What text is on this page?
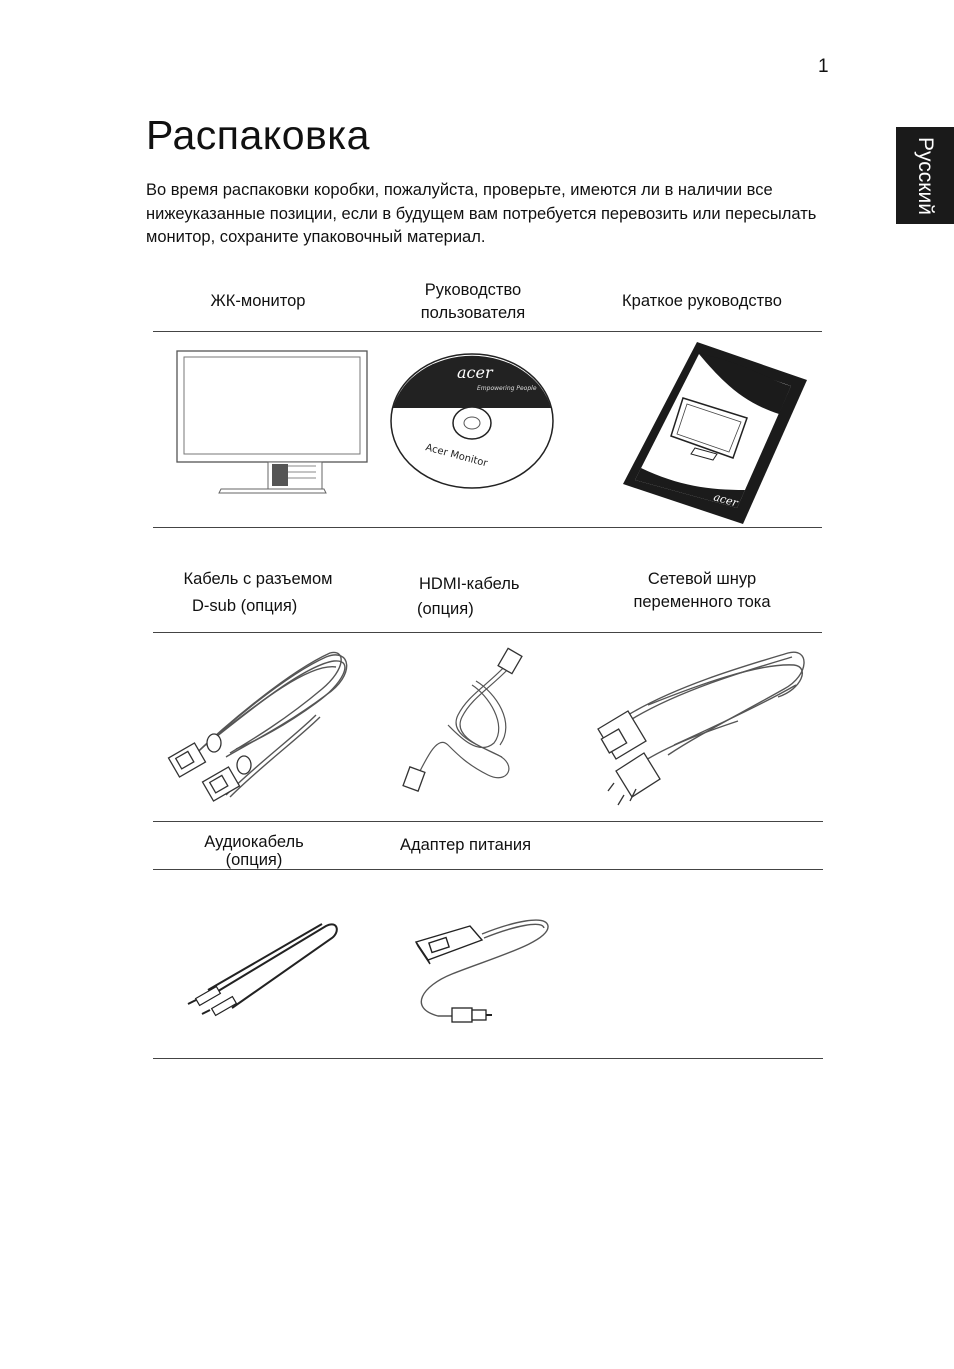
1
Русский
Распаковка

Во время распаковки коробки, пожалуйста, проверьте, имеются ли в наличии все нижеуказанные позиции, если в будущем вам потребуется перевозить или пересылать монитор, сохраните упаковочный материал.

ЖК-монитор
Руководство
пользователя
Краткое руководство
acer
Empowering People
Acer Monitor
acer
Кабель с разъемом
D-sub (опция)
HDMI-кабель
(опция)
Сетевой шнур
переменного тока
Аудиокабель
(опция)
Адаптер питания
